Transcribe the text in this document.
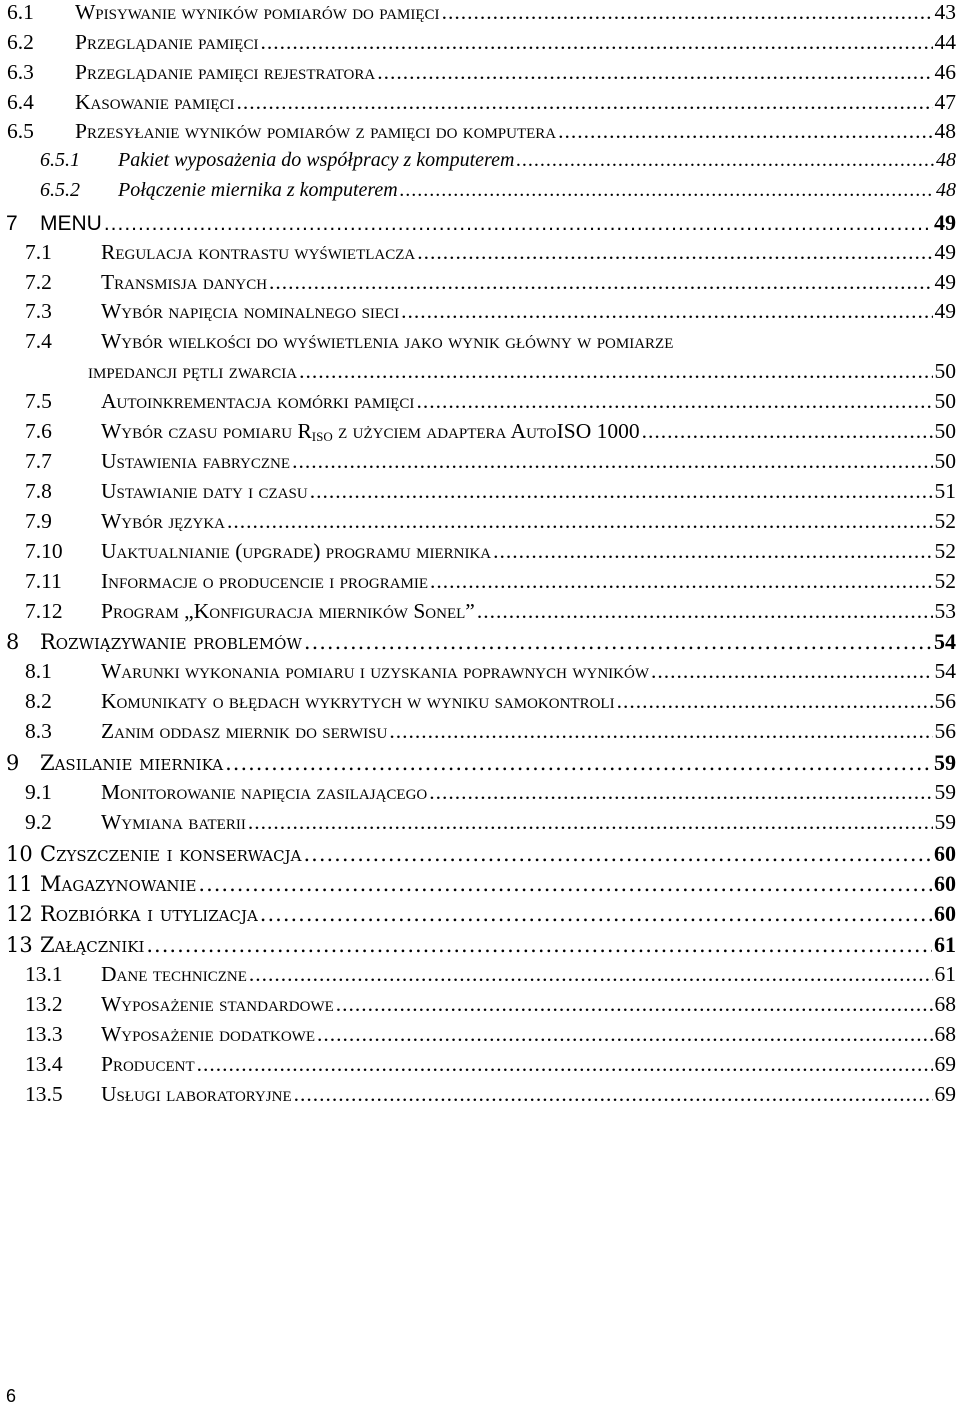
6.1	Wpisywanie wyników pomiarów do pamięci .....	43
6.2	Przeglądanie pamięci .....	44
6.3	Przeglądanie pamięci rejestratora .....	46
6.4	Kasowanie pamięci .....	47
6.5	Przesyłanie wyników pomiarów z pamięci do komputera .....	48
6.5.1	Pakiet wyposażenia do współpracy z komputerem .....	48
6.5.2	Połączenie miernika z komputerem .....	48
7	MENU .....	49
7.1	Regulacja kontrastu wyświetlacza .....	49
7.2	Transmisja danych .....	49
7.3	Wybór napięcia nominalnego sieci .....	49
7.4	Wybór wielkości do wyświetlenia jako wynik główny w pomiarze
impedancji pętli zwarcia .....	50
7.5	Autoinkrementacja komórki pamięci .....	50
7.6	Wybór czasu pomiaru $R_{ISO}$ z użyciem adaptera AutoISO 1000 .....	50
7.7	Ustawienia fabryczne .....	50
7.8	Ustawianie daty i czasu .....	51
7.9	Wybór języka .....	52
7.10	Uaktualnianie (upgrade) programu miernika .....	52
7.11	Informacje o producencie i programie .....	52
7.12	Program „Konfiguracja mierników Sonel” .....	53
8 Rozwiązywanie problemów .....	54
8.1	Warunki wykonania pomiaru i uzyskania poprawnych wyników .....	54
8.2	Komunikaty o błędach wykrytych w wyniku samokontroli .....	56
8.3	Zanim oddasz miernik do serwisu .....	56
9 Zasilanie miernika .....	59
9.1	Monitorowanie napięcia zasilającego .....	59
9.2	Wymiana baterii .....	59
10 Czyszczenie i konserwacja .....	60
11 Magazynowanie .....	60
12 Rozbiórka i utylizacja .....	60
13 Załączniki .....	61
13.1	Dane techniczne .....	61
13.2	Wyposażenie standardowe .....	68
13.3	Wyposażenie dodatkowe .....	68
13.4	Producent .....	69
13.5	Usługi laboratoryjne .....	69
6
